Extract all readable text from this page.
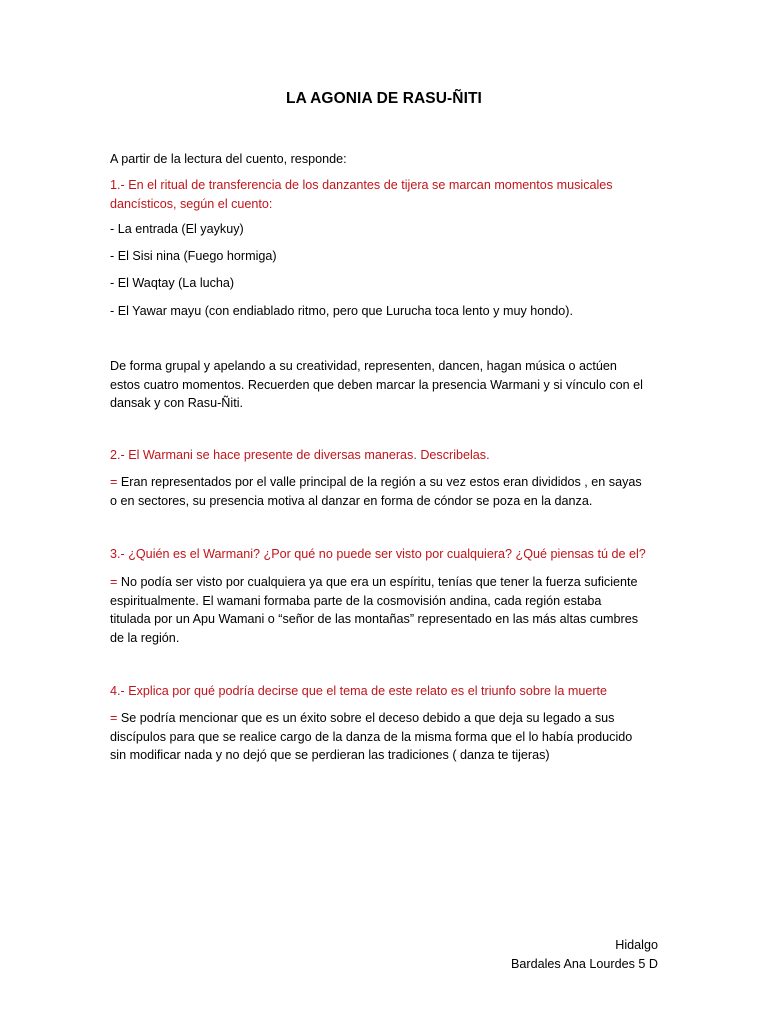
LA AGONIA DE RASU-ÑITI
A partir de la lectura del cuento, responde:
1.- En el ritual de transferencia de los danzantes de tijera se marcan momentos musicales
dancísticos, según el cuento:
- La entrada (El yaykuy)
- El Sisi nina (Fuego hormiga)
- El Waqtay (La lucha)
- El Yawar mayu (con endiablado ritmo, pero que Lurucha toca lento y muy hondo).
De forma grupal y apelando a su creatividad, representen, dancen, hagan música o actúen
estos cuatro momentos. Recuerden que deben marcar la presencia Warmani y si vínculo con el
dansak y con Rasu-Ñiti.
2.- El Warmani se hace presente de diversas maneras. Describelas.
= Eran representados por el valle principal de la región a su vez estos eran divididos , en sayas
o en sectores, su presencia motiva al danzar en forma de cóndor se poza en la danza.
3.- ¿Quién es el Warmani? ¿Por qué no puede ser visto por cualquiera? ¿Qué piensas tú de el?
= No podía ser visto por cualquiera ya que era un espíritu, tenías que tener la fuerza suficiente
espiritualmente. El wamani formaba parte de la cosmovisión andina, cada región estaba
titulada por un Apu Wamani o “señor de las montañas” representado en las más altas cumbres
de la región.
4.- Explica por qué podría decirse que el tema de este relato es el triunfo sobre la muerte
= Se podría mencionar que es un éxito sobre el deceso debido a que deja su legado a sus
discípulos para que se realice cargo de la danza de la misma forma que el lo había producido
sin modificar nada y no dejó que se perdieran las tradiciones ( danza te tijeras)
Hidalgo
Bardales Ana Lourdes 5 D
